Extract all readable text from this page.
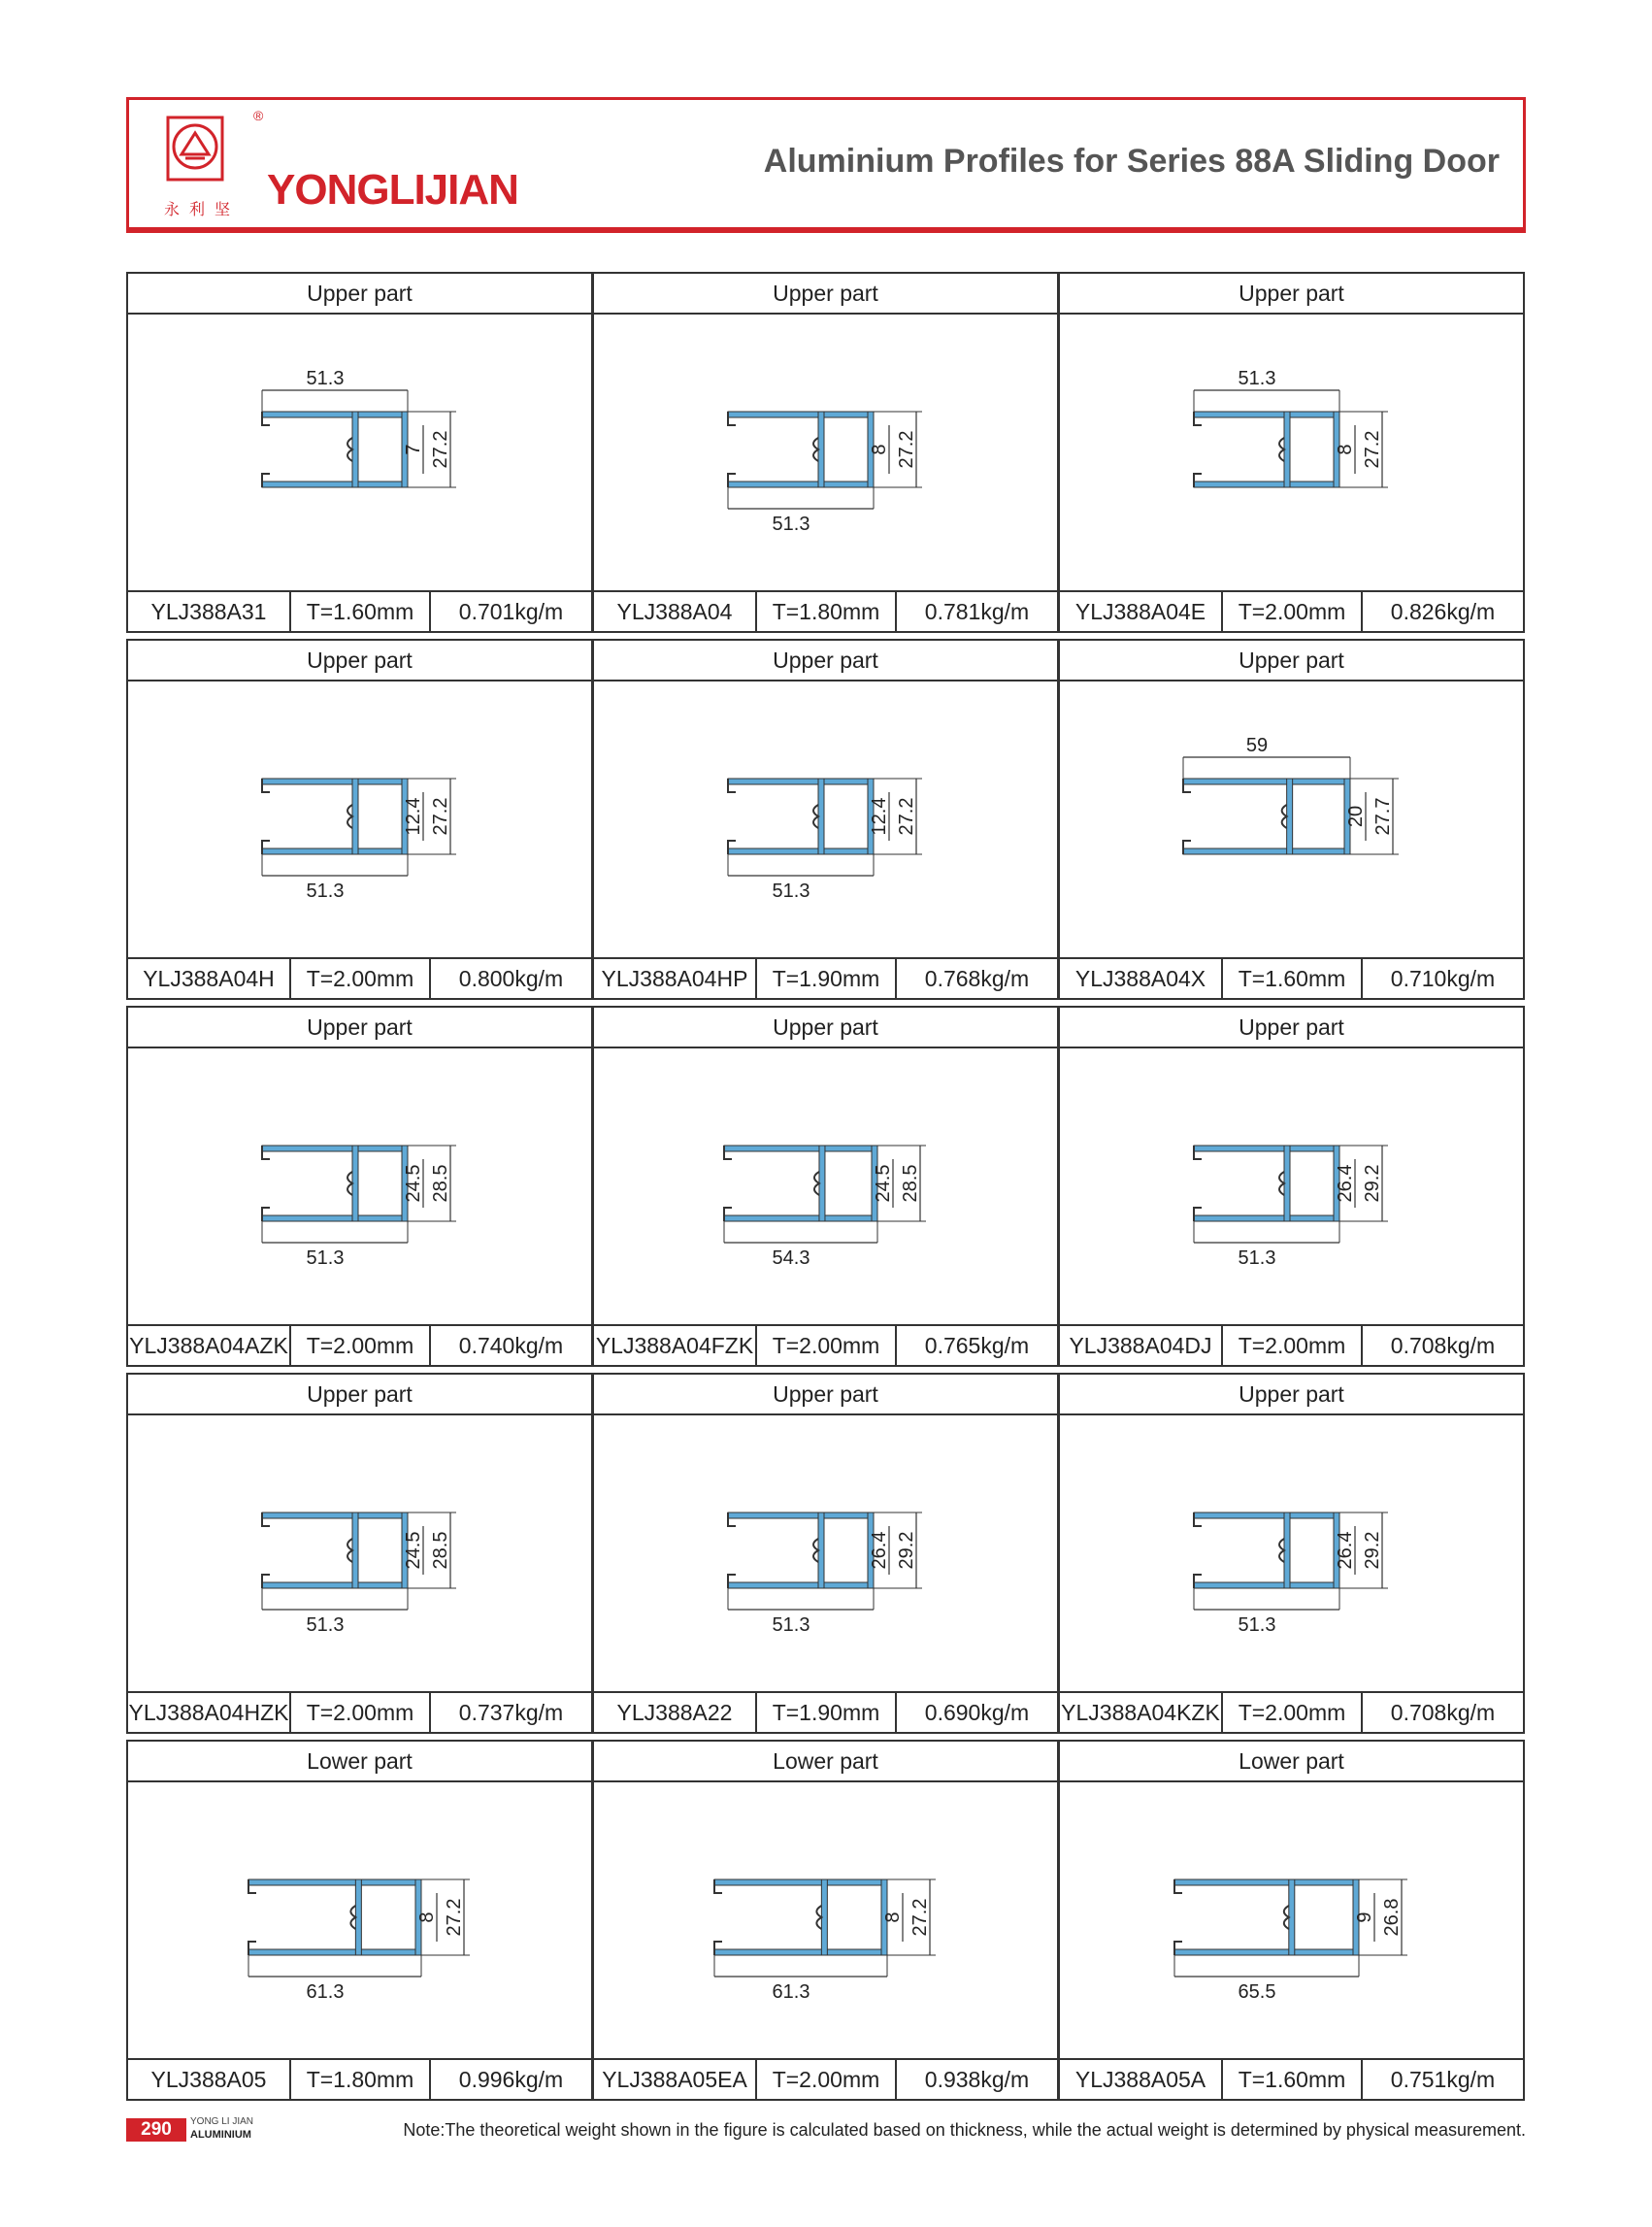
®
永利坚 YONGLIJIAN
Aluminium Profiles for Series 88A Sliding Door
Upper part
51.3
7 27.2
YLJ388A31	T=1.60mm	0.701kg/m
Upper part
51.3
8 27.2
YLJ388A04	T=1.80mm	0.781kg/m
Upper part
51.3
8 27.2
YLJ388A04E	T=2.00mm	0.826kg/m
Upper part
51.3
12.4 27.2
YLJ388A04H	T=2.00mm	0.800kg/m
Upper part
51.3
12.4 27.2
YLJ388A04HP	T=1.90mm	0.768kg/m
Upper part
59
20 27.7
YLJ388A04X	T=1.60mm	0.710kg/m
Upper part
51.3
24.5 28.5
YLJ388A04AZK T=2.00mm	0.740kg/m
Upper part
54.3
24.5 28.5
YLJ388A04FZK T=2.00mm	0.765kg/m
Upper part
51.3
26.4 29.2
YLJ388A04DJ	T=2.00mm	0.708kg/m
Upper part
51.3
24.5 28.5
YLJ388A04HZK T=2.00mm	0.737kg/m
Upper part
51.3
26.4 29.2
YLJ388A22	T=1.90mm	0.690kg/m
Upper part
51.3
26.4 29.2
YLJ388A04KZK T=2.00mm	0.708kg/m
Lower part
61.3
8 27.2
YLJ388A05	T=1.80mm	0.996kg/m
Lower part
61.3
8 27.2
YLJ388A05EA	T=2.00mm	0.938kg/m
Lower part
65.5
9 26.8
YLJ388A05A	T=1.60mm	0.751kg/m
290	YONG LI JIAN
ALUMINIUM	Note:The theoretical weight shown in the figure is calculated based on thickness, while the actual weight is determined by physical measurement.
